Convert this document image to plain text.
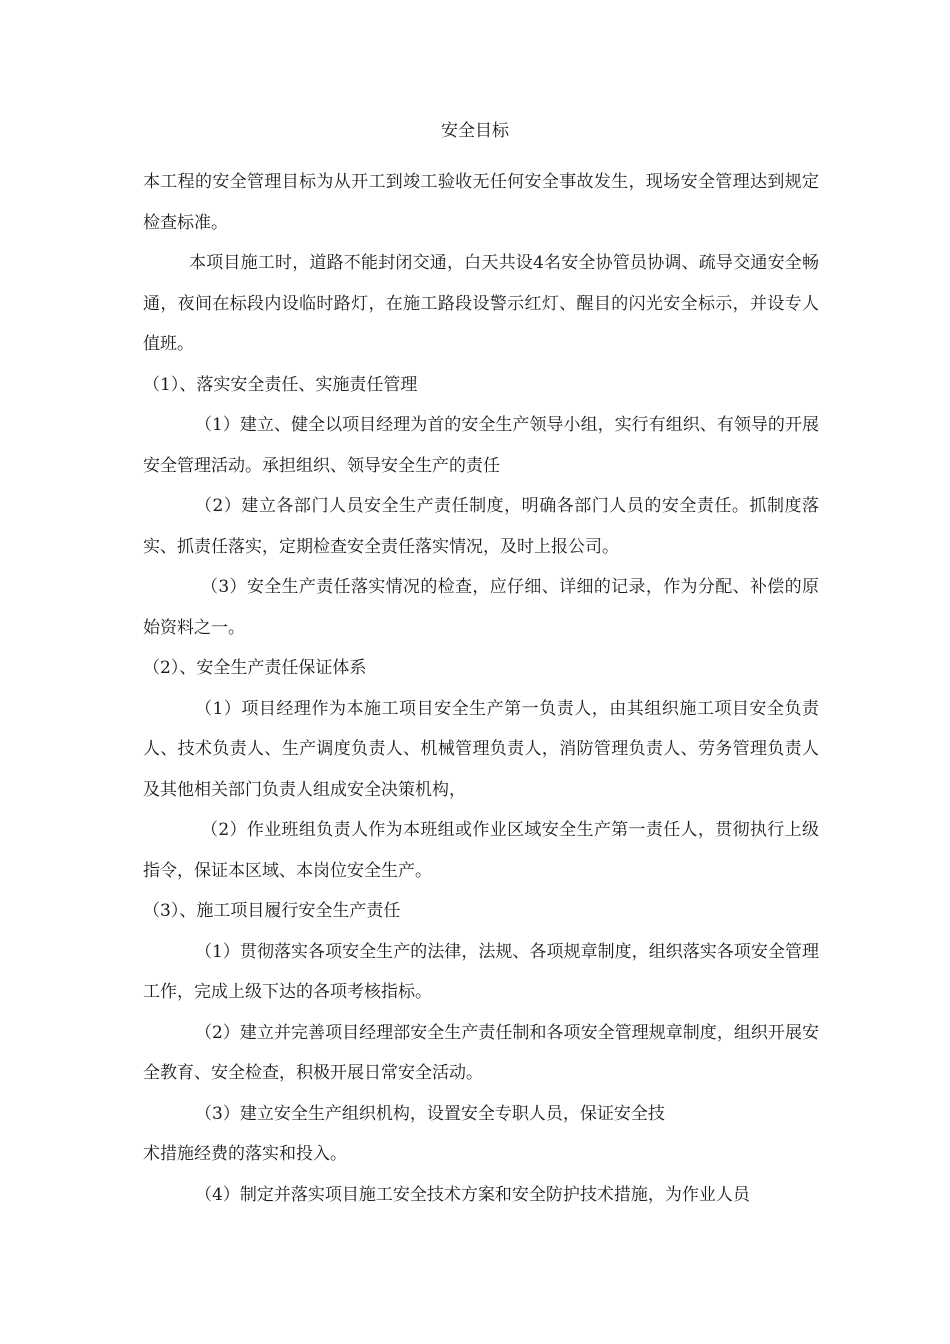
安全目标

本工程的安全管理目标为从开工到竣工验收无任何安全事故发生，现场安全管理达到规定检查标准。

本项目施工时，道路不能封闭交通，白天共设4名安全协管员协调、疏导交通安全畅通，夜间在标段内设临时路灯，在施工路段设警示红灯、醒目的闪光安全标示，并设专人值班。

（1）、落实安全责任、实施责任管理

（1）建立、健全以项目经理为首的安全生产领导小组，实行有组织、有领导的开展安全管理活动。承担组织、领导安全生产的责任

（2）建立各部门人员安全生产责任制度，明确各部门人员的安全责任。抓制度落实、抓责任落实，定期检查安全责任落实情况，及时上报公司。

（3）安全生产责任落实情况的检查，应仔细、详细的记录，作为分配、补偿的原始资料之一。

（2）、安全生产责任保证体系

（1）项目经理作为本施工项目安全生产第一负责人，由其组织施工项目安全负责人、技术负责人、生产调度负责人、机械管理负责人，消防管理负责人、劳务管理负责人及其他相关部门负责人组成安全决策机构，

（2）作业班组负责人作为本班组或作业区域安全生产第一责任人，贯彻执行上级指令，保证本区域、本岗位安全生产。

（3）、施工项目履行安全生产责任

（1）贯彻落实各项安全生产的法律，法规、各项规章制度，组织落实各项安全管理工作，完成上级下达的各项考核指标。

（2）建立并完善项目经理部安全生产责任制和各项安全管理规章制度，组织开展安全教育、安全检查，积极开展日常安全活动。

（3）建立安全生产组织机构，设置安全专职人员，保证安全技

术措施经费的落实和投入。

（4）制定并落实项目施工安全技术方案和安全防护技术措施，为作业人员
